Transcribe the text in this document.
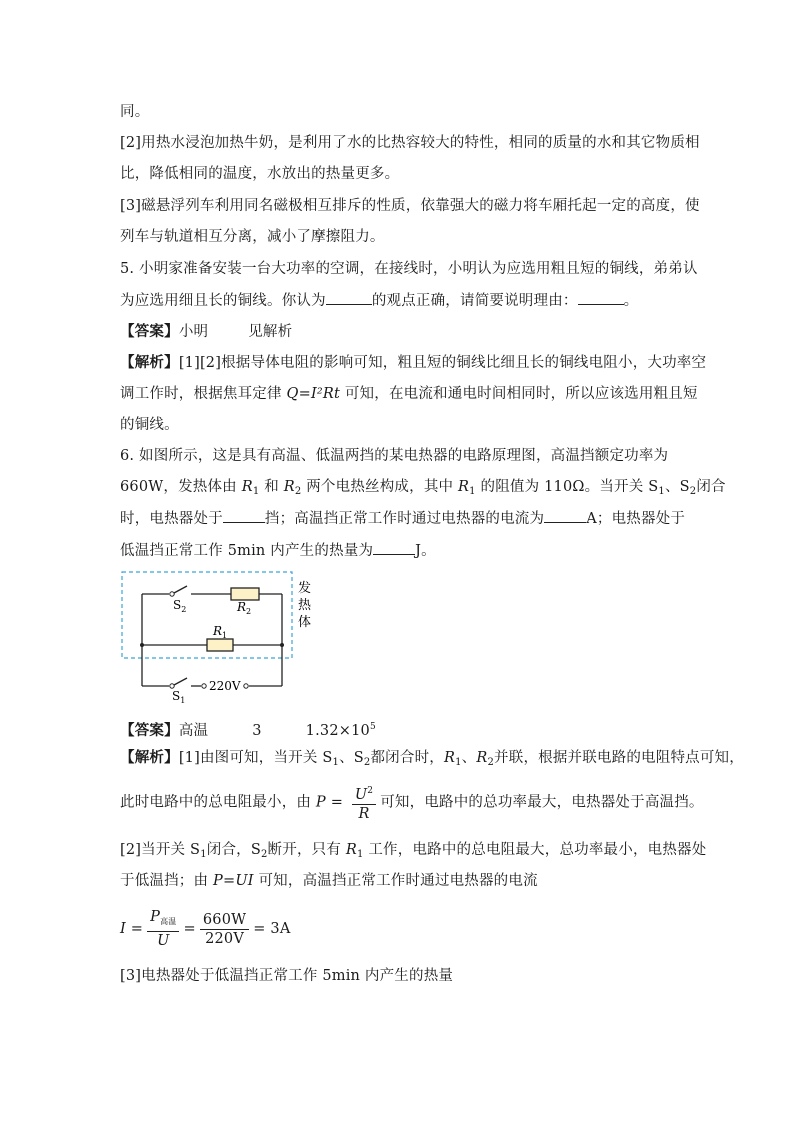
同。
[2]用热水浸泡加热牛奶，是利用了水的比热容较大的特性，相同的质量的水和其它物质相
比，降低相同的温度，水放出的热量更多。
[3]磁悬浮列车利用同名磁极相互排斥的性质，依靠强大的磁力将车厢托起一定的高度，使
列车与轨道相互分离，减小了摩擦阻力。
5. 小明家准备安装一台大功率的空调，在接线时，小明认为应选用粗且短的铜线，弟弟认
为应选用细且长的铜线。你认为	的观点正确，请简要说明理由：	。
【答案】小明	见解析
【解析】[1][2]根据导体电阻的影响可知，粗且短的铜线比细且长的铜线电阻小，大功率空
调工作时，根据焦耳定律 Q=I²Rt 可知，在电流和通电时间相同时，所以应该选用粗且短
的铜线。
6. 如图所示，这是具有高温、低温两挡的某电热器的电路原理图，高温挡额定功率为
660W，发热体由 $R_1$ 和 $R_2$ 两个电热丝构成，其中 $R_1$ 的阻值为 110Ω。当开关 $S_1$、$S_2$闭合
时，电热器处于	挡；高温挡正常工作时通过电热器的电流为	A；电热器处于
低温挡正常工作 5min 内产生的热量为	J。
$S_2$	$R_2$
$R_1$
$S_1$
220V
发
热
体
【答案】高温	3	$1.32\times 10^5$
【解析】[1]由图可知，当开关 $S_1$、$S_2$都闭合时，$R_1$、$R_2$并联，根据并联电路的电阻特点可知，
此时电路中的总电阻最小，由 $P = \frac{U^2}{R}$ 可知，电路中的总功率最大，电热器处于高温挡。
[2]当开关 $S_1$闭合，$S_2$断开，只有 $R_1$ 工作，电路中的总电阻最大，总功率最小，电热器处
于低温挡；由 P=UI 可知，高温挡正常工作时通过电热器的电流
$I = \frac{P_{高温}}{U} = \frac{660W}{220V} = 3A$
[3]电热器处于低温挡正常工作 5min 内产生的热量
